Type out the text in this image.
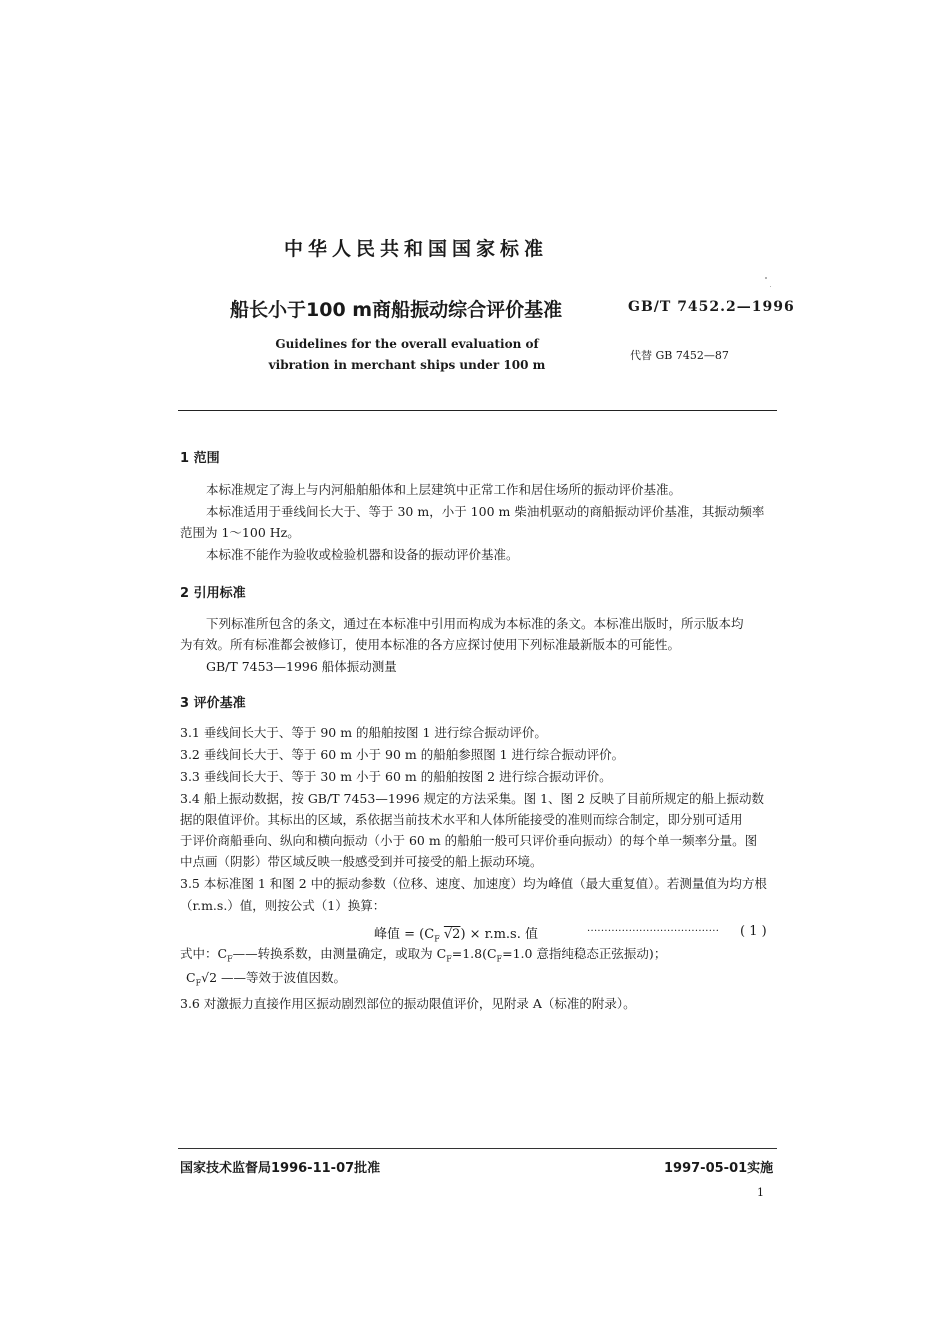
中华人民共和国国家标准
船长小于100 m商船振动综合评价基准	GB/T 7452.2—1996
Guidelines for the overall evaluation of
vibration in merchant ships under 100 m
代替 GB 7452—87
1 范围
本标准规定了海上与内河船舶船体和上层建筑中正常工作和居住场所的振动评价基准。
本标准适用于垂线间长大于、等于 30 m，小于 100 m 柴油机驱动的商船振动评价基准，其振动频率
范围为 1～100 Hz。
本标准不能作为验收或检验机器和设备的振动评价基准。
2 引用标准
下列标准所包含的条文，通过在本标准中引用而构成为本标准的条文。本标准出版时，所示版本均
为有效。所有标准都会被修订，使用本标准的各方应探讨使用下列标准最新版本的可能性。
GB/T 7453—1996 船体振动测量
3 评价基准
3.1 垂线间长大于、等于 90 m 的船舶按图 1 进行综合振动评价。
3.2 垂线间长大于、等于 60 m 小于 90 m 的船舶参照图 1 进行综合振动评价。
3.3 垂线间长大于、等于 30 m 小于 60 m 的船舶按图 2 进行综合振动评价。
3.4 船上振动数据，按 GB/T 7453—1996 规定的方法采集。图 1、图 2 反映了目前所规定的船上振动数
据的限值评价。其标出的区域，系依据当前技术水平和人体所能接受的准则而综合制定，即分别可适用
于评价商船垂向、纵向和横向振动（小于 60 m 的船舶一般可只评价垂向振动）的每个单一频率分量。图
中点画（阴影）带区域反映一般感受到并可接受的船上振动环境。
3.5 本标准图 1 和图 2 中的振动参数（位移、速度、加速度）均为峰值（最大重复值）。若测量值为均方根
（r.m.s.）值，则按公式（1）换算：
峰值 = ($C_F$ √2) × r.m.s. 值	······································ ( 1 )
式中：$C_F——$转换系数，由测量确定，或取为 $C_F=1.8(C_F=1.0$ 意指纯稳态正弦振动)；
$C_F√2$ ——等效于波值因数。
3.6 对激振力直接作用区振动剧烈部位的振动限值评价，见附录 A（标准的附录）。
国家技术监督局1996-11-07批准	1997-05-01实施
1
